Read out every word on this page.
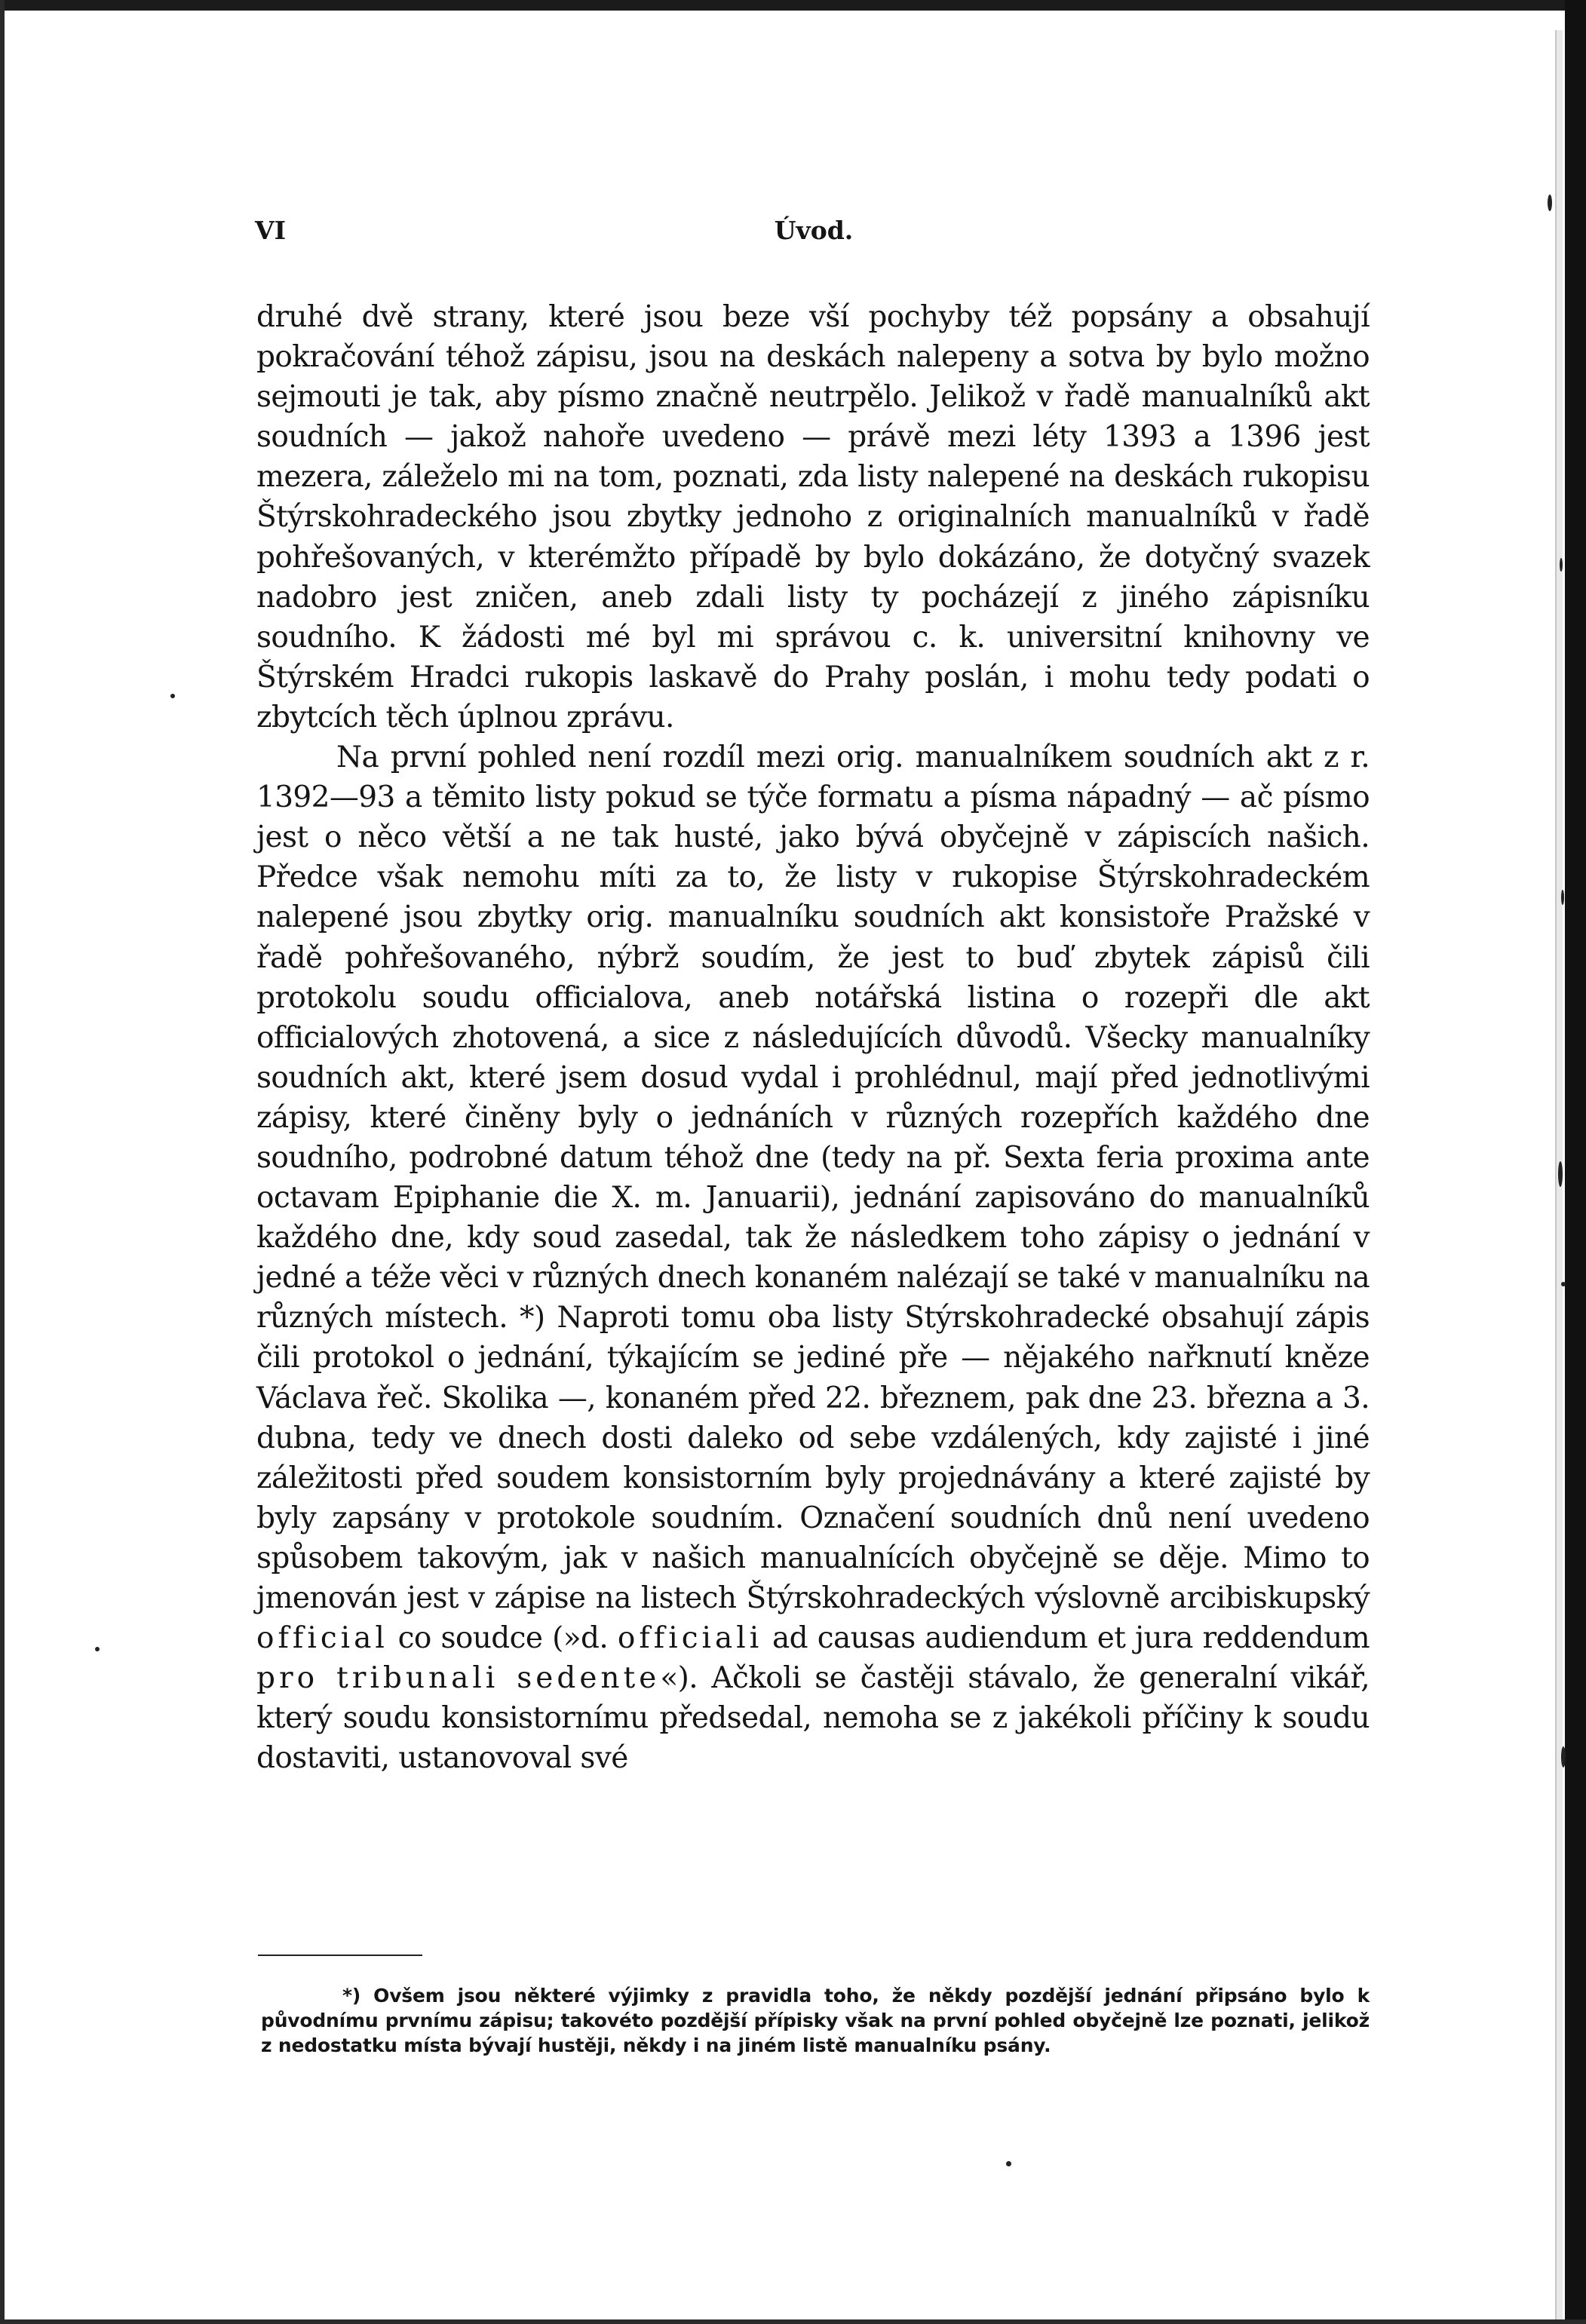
VI	Úvod.

druhé dvě strany, které jsou beze vší pochyby též popsány a obsahují pokračování téhož zápisu, jsou na deskách nalepeny a sotva by bylo možno sejmouti je tak, aby písmo značně neutrpělo. Jelikož v řadě manualníků akt soudních — jakož nahoře uvedeno — právě mezi léty 1393 a 1396 jest mezera, záleželo mi na tom, poznati, zda listy nalepené na deskách rukopisu Štýrskohradeckého jsou zbytky jednoho z originalních manualníků v řadě pohřešovaných, v kterémžto případě by bylo dokázáno, že dotyčný svazek nadobro jest zničen, aneb zdali listy ty pocházejí z jiného zápisníku soudního. K žádosti mé byl mi správou c. k. universitní knihovny ve Štýrském Hradci rukopis laskavě do Prahy poslán, i mohu tedy podati o zbytcích těch úplnou zprávu.

Na první pohled není rozdíl mezi orig. manualníkem soudních akt z r. 1392—93 a těmito listy pokud se týče formatu a písma nápadný — ač písmo jest o něco větší a ne tak husté, jako bývá obyčejně v zápiscích našich. Předce však nemohu míti za to, že listy v rukopise Štýrskohradeckém nalepené jsou zbytky orig. manualníku soudních akt konsistoře Pražské v řadě pohřešovaného, nýbrž soudím, že jest to buď zbytek zápisů čili protokolu soudu officialova, aneb notářská listina o rozepři dle akt officialových zhotovená, a sice z následujících důvodů. Všecky manualníky soudních akt, které jsem dosud vydal i prohlédnul, mají před jednotlivými zápisy, které činěny byly o jednáních v různých rozepřích každého dne soudního, podrobné datum téhož dne (tedy na př. Sexta feria proxima ante octavam Epiphanie die X. m. Januarii), jednání zapisováno do manualníků každého dne, kdy soud zasedal, tak že následkem toho zápisy o jednání v jedné a téže věci v různých dnech konaném nalézají se také v manualníku na různých místech. *) Naproti tomu oba listy Stýrskohradecké obsahují zápis čili protokol o jednání, týkajícím se jediné pře — nějakého nařknutí kněze Václava řeč. Skolika —, konaném před 22. březnem, pak dne 23. března a 3. dubna, tedy ve dnech dosti daleko od sebe vzdálených, kdy zajisté i jiné záležitosti před soudem konsistorním byly projednávány a které zajisté by byly zapsány v protokole soudním. Označení soudních dnů není uvedeno spůsobem takovým, jak v našich manualnících obyčejně se děje. Mimo to jmenován jest v zápise na listech Štýrskohradeckých výslovně arcibiskupský official co soudce (»d. officiali ad causas audiendum et jura reddendum pro tribunali sedente«). Ačkoli se častěji stávalo, že generalní vikář, který soudu konsistornímu předsedal, nemoha se z jakékoli příčiny k soudu dostaviti, ustanovoval své

*) Ovšem jsou některé výjimky z pravidla toho, že někdy pozdější jednání připsáno bylo k původnímu prvnímu zápisu; takovéto pozdější přípisky však na první pohled obyčejně lze poznati, jelikož z nedostatku místa bývají hustěji, někdy i na jiném listě manualníku psány.
